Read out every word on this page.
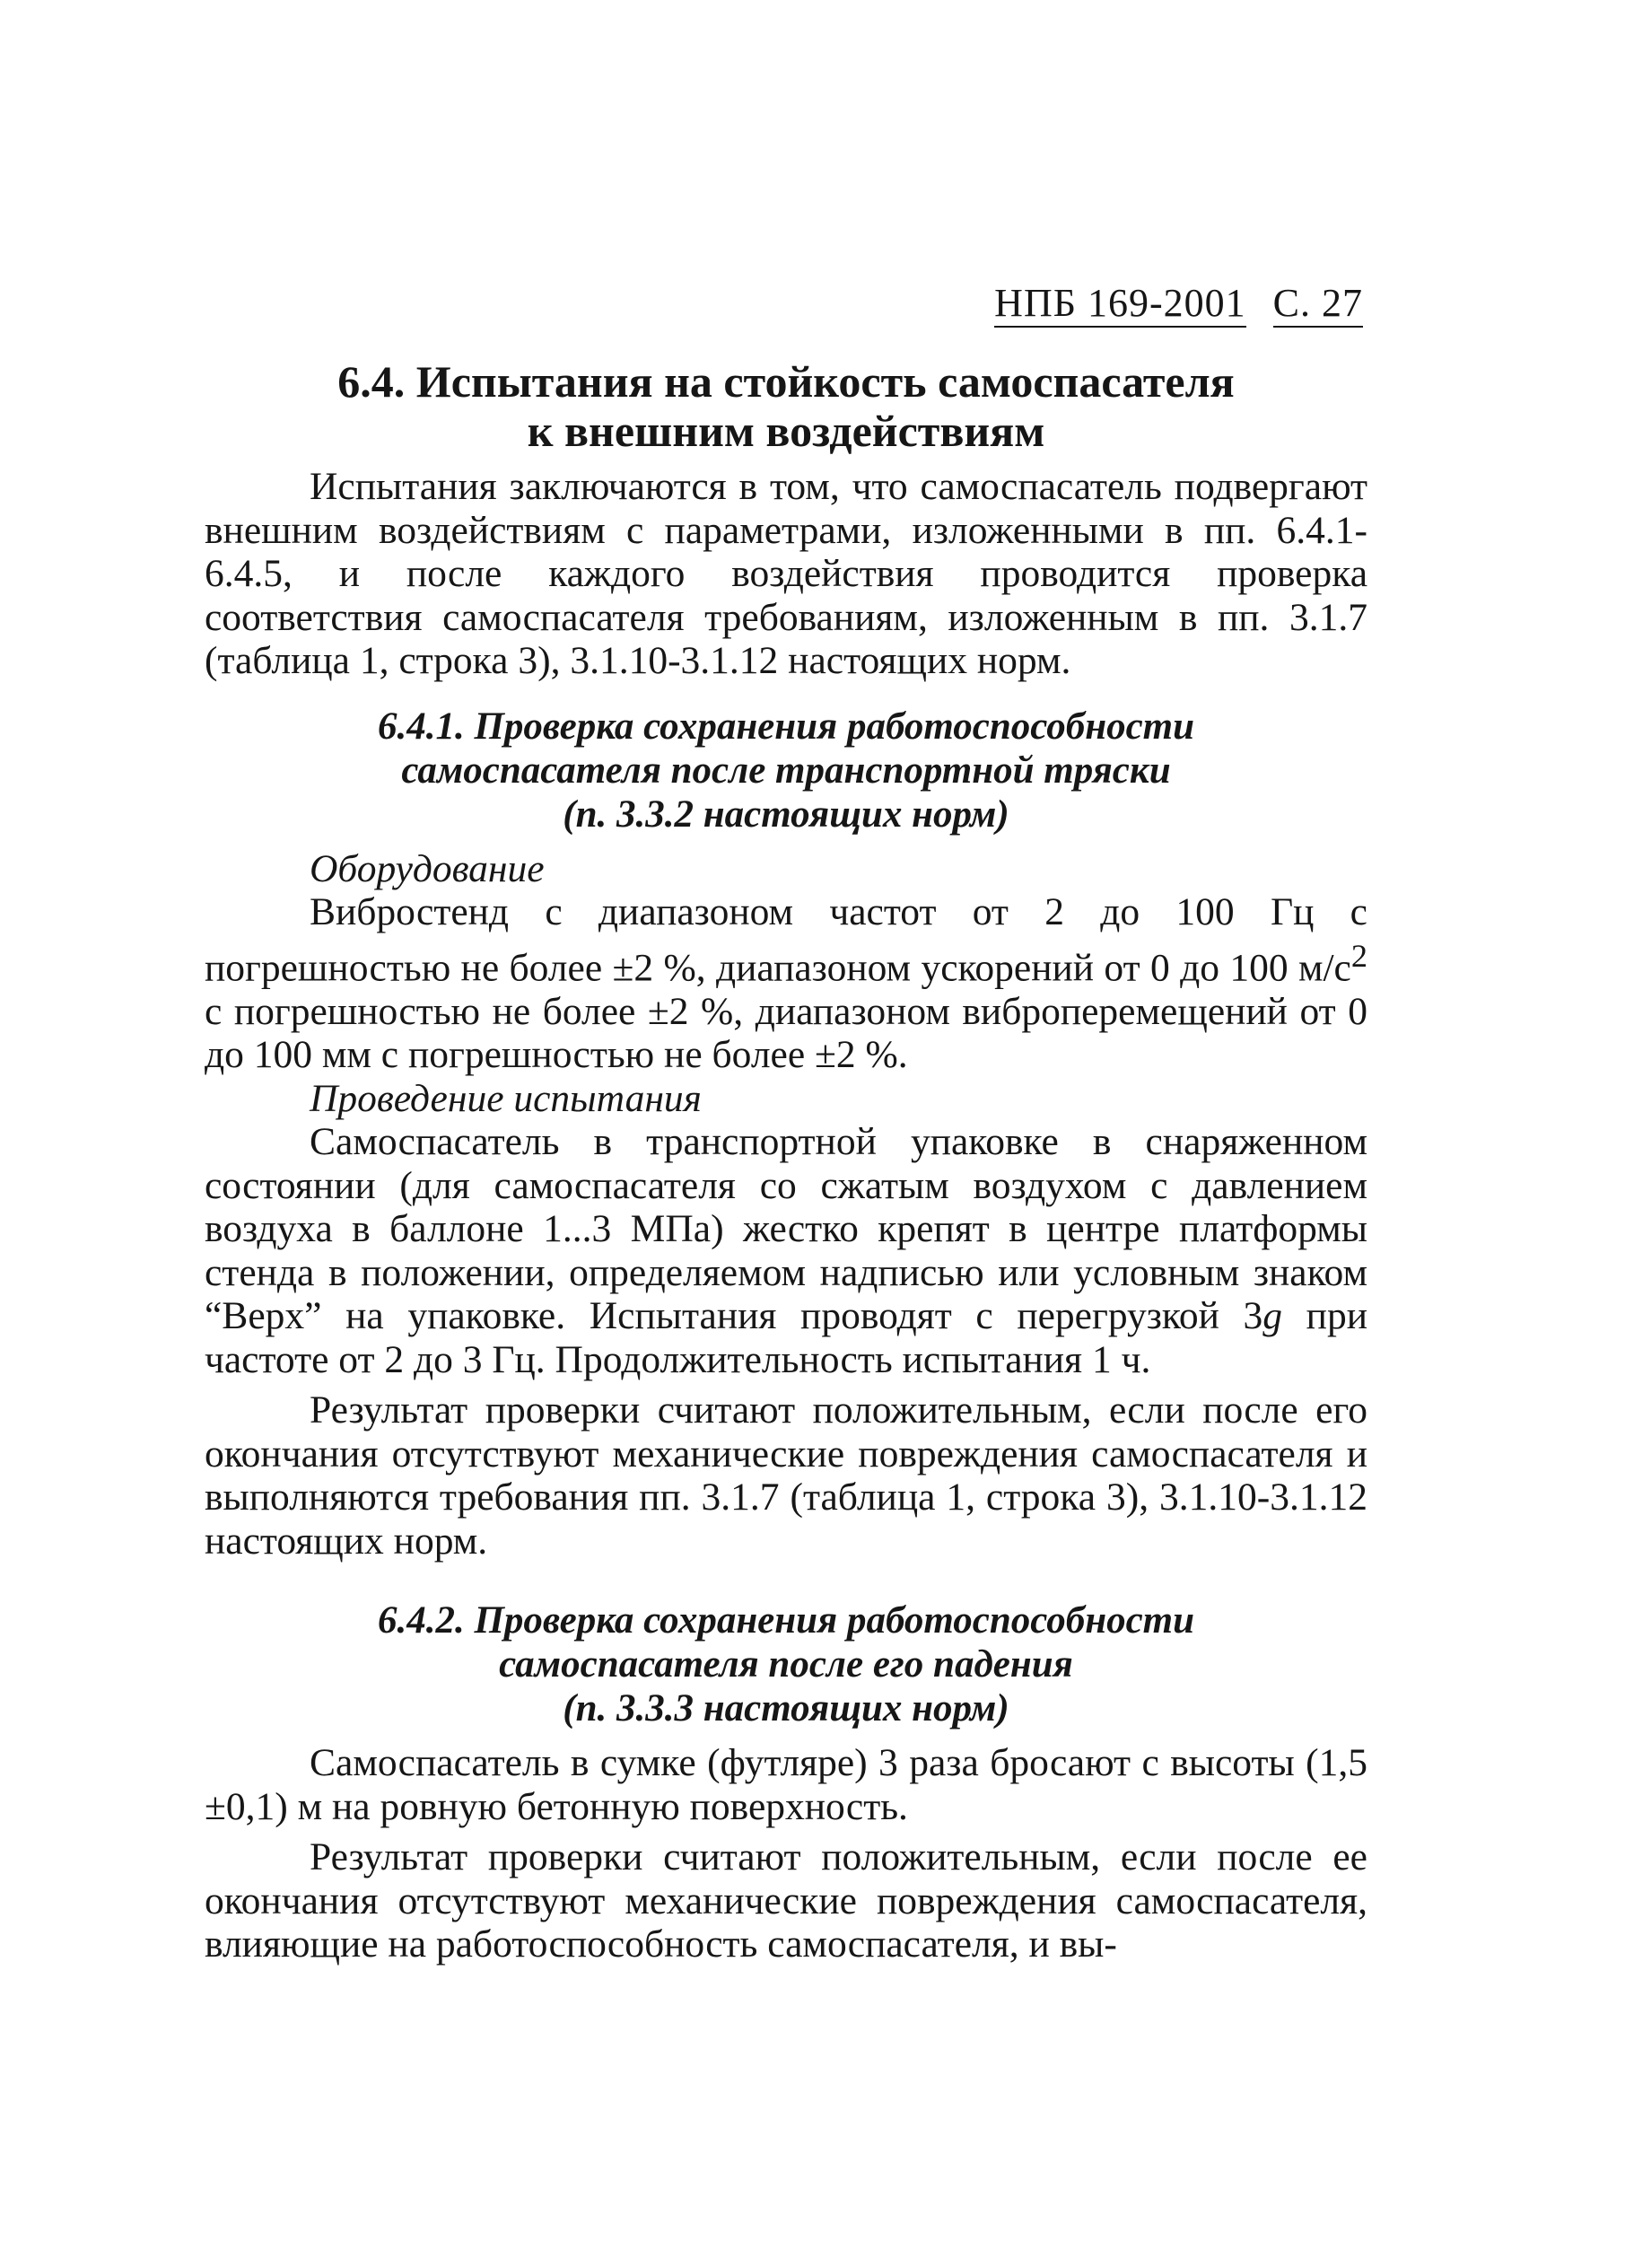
НПБ 169-2001 С. 27
6.4. Испытания на стойкость самоспасателя
к внешним воздействиям

Испытания заключаются в том, что самоспасатель подвергают внешним воздействиям с параметрами, изложенными в пп. 6.4.1-6.4.5, и после каждого воздействия проводится проверка соответствия самоспасателя требованиям, изложенным в пп. 3.1.7 (таблица 1, строка 3), 3.1.10-3.1.12 настоящих норм.

6.4.1. Проверка сохранения работоспособности
самоспасателя после транспортной тряски
(п. 3.3.2 настоящих норм)

Оборудование

Вибростенд с диапазоном частот от 2 до 100 Гц с погрешностью не более ±2 %, диапазоном ускорений от 0 до 100 $м/с^2$ с погрешностью не более ±2 %, диапазоном виброперемещений от 0 до 100 мм с погрешностью не более ±2 %.

Проведение испытания

Самоспасатель в транспортной упаковке в снаряженном состоянии (для самоспасателя со сжатым воздухом с давлением воздуха в баллоне 1...3 МПа) жестко крепят в центре платформы стенда в положении, определяемом надписью или условным знаком “Верх” на упаковке. Испытания проводят с перегрузкой 3g при частоте от 2 до 3 Гц. Продолжительность испытания 1 ч.

Результат проверки считают положительным, если после его окончания отсутствуют механические повреждения самоспасателя и выполняются требования пп. 3.1.7 (таблица 1, строка 3), 3.1.10-3.1.12 настоящих норм.

6.4.2. Проверка сохранения работоспособности
самоспасателя после его падения
(п. 3.3.3 настоящих норм)

Самоспасатель в сумке (футляре) 3 раза бросают с высоты (1,5 ±0,1) м на ровную бетонную поверхность.

Результат проверки считают положительным, если после ее окончания отсутствуют механические повреждения самоспасателя, влияющие на работоспособность самоспасателя, и вы-
